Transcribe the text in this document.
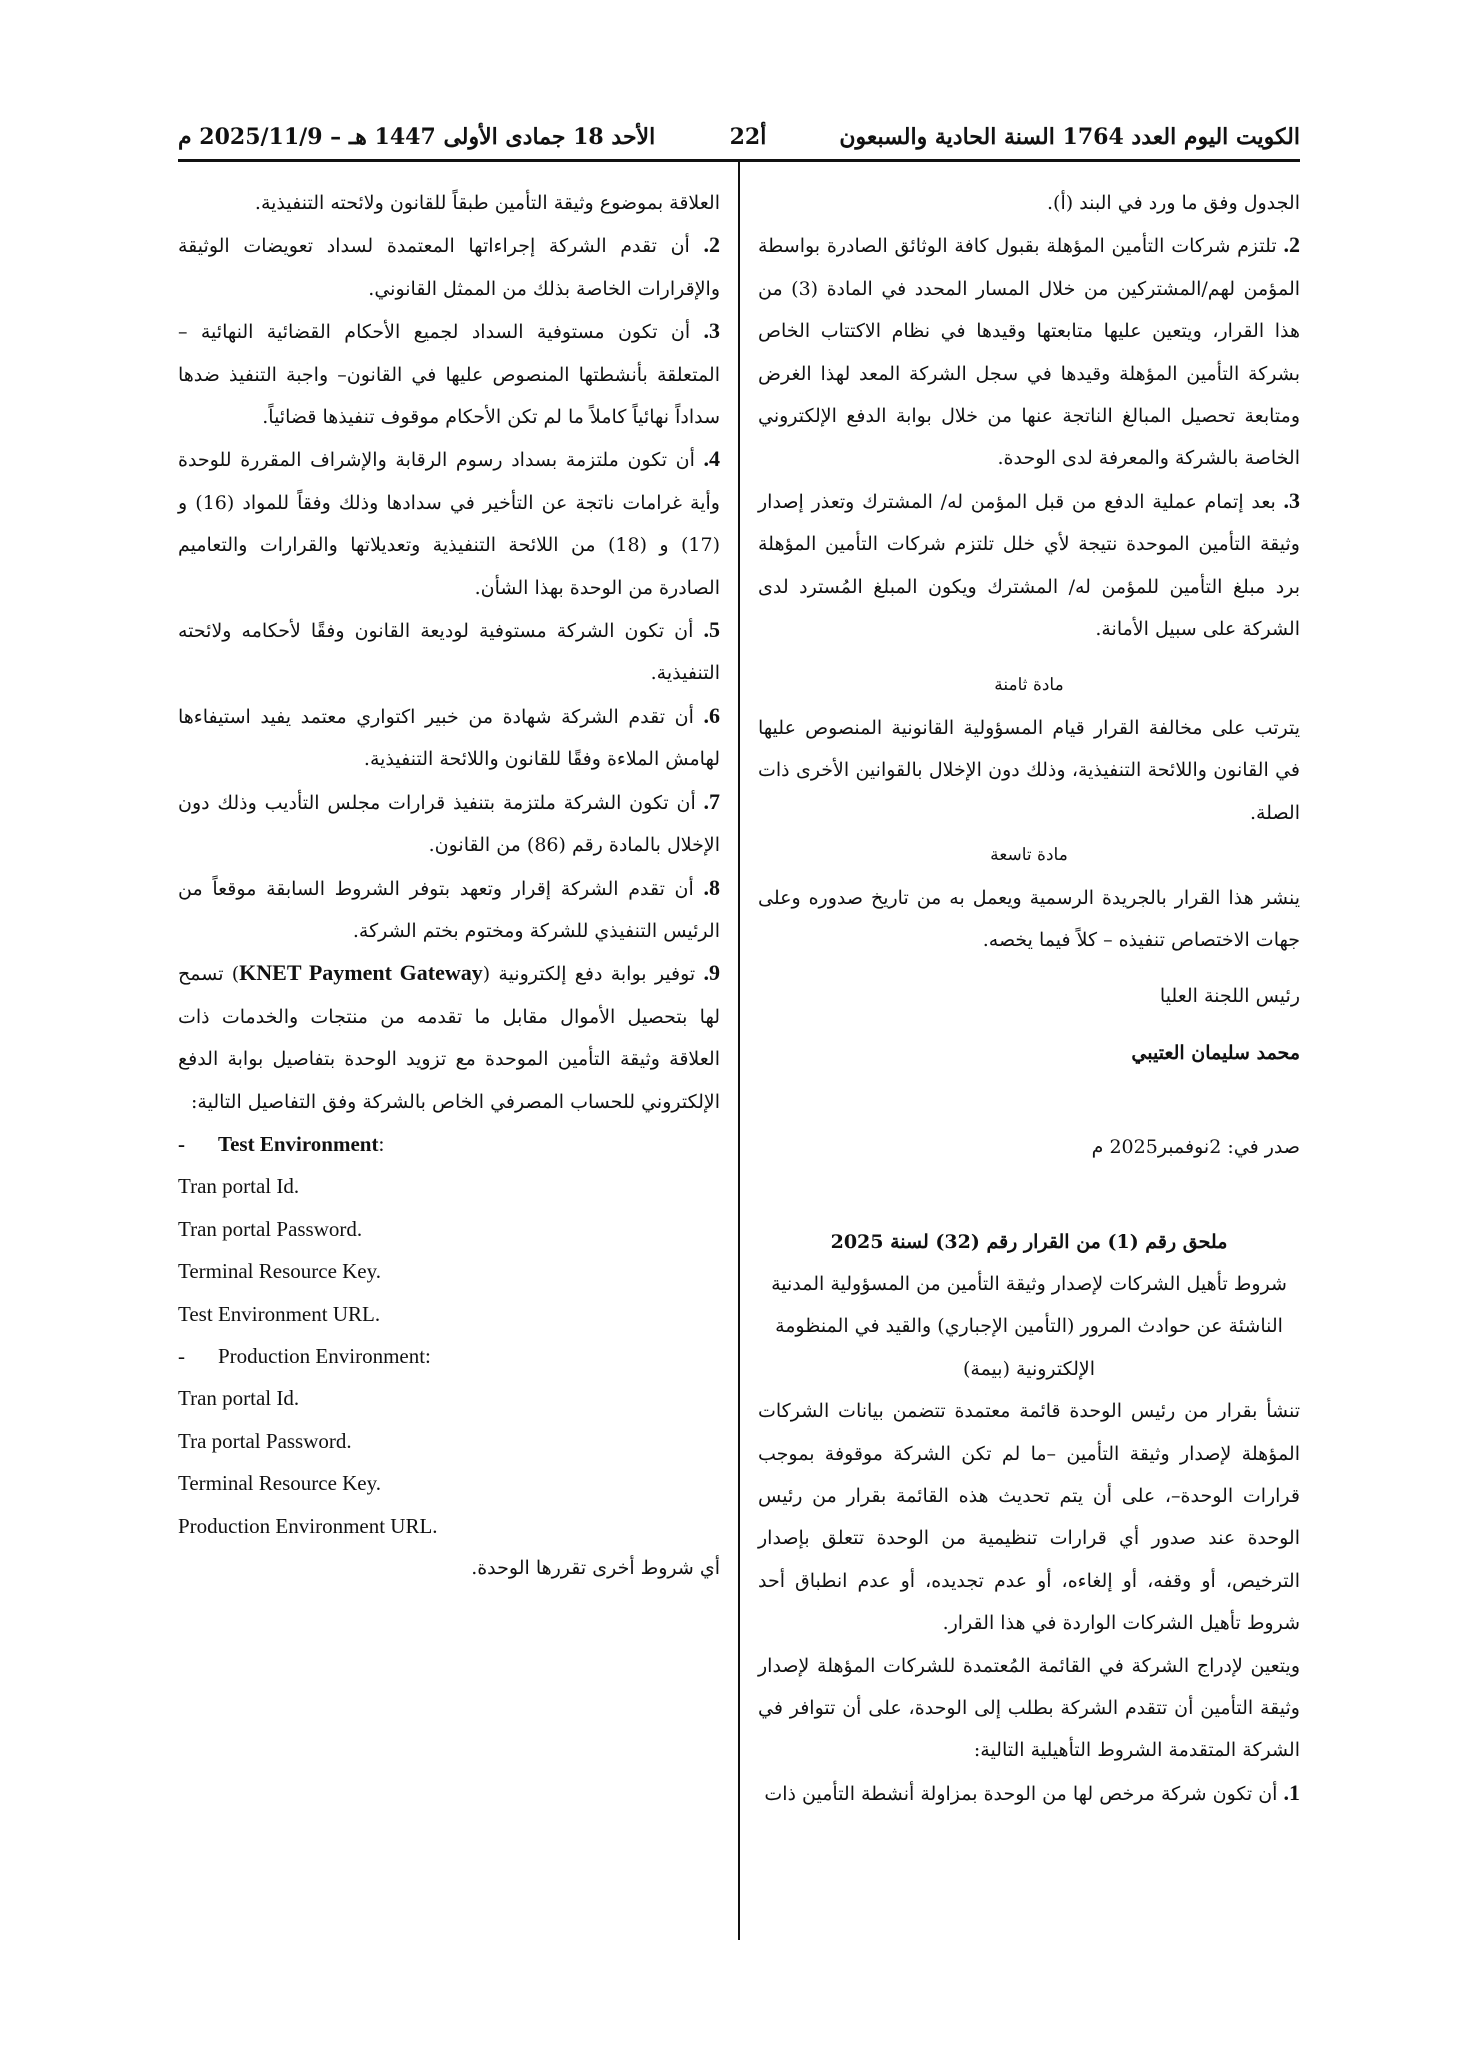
الكويت اليوم العدد 1764 السنة الحادية والسبعون
22أ
الأحد 18 جمادى الأولى 1447 هـ – 2025/11/9 م

الجدول وفق ما ورد في البند (أ).

2. تلتزم شركات التأمين المؤهلة بقبول كافة الوثائق الصادرة بواسطة المؤمن لهم/المشتركين من خلال المسار المحدد في المادة (3) من هذا القرار، ويتعين عليها متابعتها وقيدها في نظام الاكتتاب الخاص بشركة التأمين المؤهلة وقيدها في سجل الشركة المعد لهذا الغرض ومتابعة تحصيل المبالغ الناتجة عنها من خلال بوابة الدفع الإلكتروني الخاصة بالشركة والمعرفة لدى الوحدة.

3. بعد إتمام عملية الدفع من قبل المؤمن له/ المشترك وتعذر إصدار وثيقة التأمين الموحدة نتيجة لأي خلل تلتزم شركات التأمين المؤهلة برد مبلغ التأمين للمؤمن له/ المشترك ويكون المبلغ المُسترد لدى الشركة على سبيل الأمانة.

مادة ثامنة

يترتب على مخالفة القرار قيام المسؤولية القانونية المنصوص عليها في القانون واللائحة التنفيذية، وذلك دون الإخلال بالقوانين الأخرى ذات الصلة.

مادة تاسعة

ينشر هذا القرار بالجريدة الرسمية ويعمل به من تاريخ صدوره وعلى جهات الاختصاص تنفيذه – كلاً فيما يخصه.

رئيس اللجنة العليا

محمد سليمان العتيبي

صدر في: 2نوفمبر2025 م

ملحق رقم (1) من القرار رقم (32) لسنة 2025

شروط تأهيل الشركات لإصدار وثيقة التأمين من المسؤولية المدنية

الناشئة عن حوادث المرور (التأمين الإجباري) والقيد في المنظومة

الإلكترونية (بيمة)

تنشأ بقرار من رئيس الوحدة قائمة معتمدة تتضمن بيانات الشركات المؤهلة لإصدار وثيقة التأمين –ما لم تكن الشركة موقوفة بموجب قرارات الوحدة–، على أن يتم تحديث هذه القائمة بقرار من رئيس الوحدة عند صدور أي قرارات تنظيمية من الوحدة تتعلق بإصدار الترخيص، أو وقفه، أو إلغاءه، أو عدم تجديده، أو عدم انطباق أحد شروط تأهيل الشركات الواردة في هذا القرار.

ويتعين لإدراج الشركة في القائمة المُعتمدة للشركات المؤهلة لإصدار وثيقة التأمين أن تتقدم الشركة بطلب إلى الوحدة، على أن تتوافر في الشركة المتقدمة الشروط التأهيلية التالية:

1. أن تكون شركة مرخص لها من الوحدة بمزاولة أنشطة التأمين ذات

العلاقة بموضوع وثيقة التأمين طبقاً للقانون ولائحته التنفيذية.

2. أن تقدم الشركة إجراءاتها المعتمدة لسداد تعويضات الوثيقة والإقرارات الخاصة بذلك من الممثل القانوني.

3. أن تكون مستوفية السداد لجميع الأحكام القضائية النهائية – المتعلقة بأنشطتها المنصوص عليها في القانون– واجبة التنفيذ ضدها سداداً نهائياً كاملاً ما لم تكن الأحكام موقوف تنفيذها قضائياً.

4. أن تكون ملتزمة بسداد رسوم الرقابة والإشراف المقررة للوحدة وأية غرامات ناتجة عن التأخير في سدادها وذلك وفقاً للمواد (16) و (17) و (18) من اللائحة التنفيذية وتعديلاتها والقرارات والتعاميم الصادرة من الوحدة بهذا الشأن.

5. أن تكون الشركة مستوفية لوديعة القانون وفقًا لأحكامه ولائحته التنفيذية.

6. أن تقدم الشركة شهادة من خبير اكتواري معتمد يفيد استيفاءها لهامش الملاءة وفقًا للقانون واللائحة التنفيذية.

7. أن تكون الشركة ملتزمة بتنفيذ قرارات مجلس التأديب وذلك دون الإخلال بالمادة رقم (86) من القانون.

8. أن تقدم الشركة إقرار وتعهد بتوفر الشروط السابقة موقعاً من الرئيس التنفيذي للشركة ومختوم بختم الشركة.

9. توفير بوابة دفع إلكترونية (KNET Payment Gateway) تسمح لها بتحصيل الأموال مقابل ما تقدمه من منتجات والخدمات ذات العلاقة وثيقة التأمين الموحدة مع تزويد الوحدة بتفاصيل بوابة الدفع الإلكتروني للحساب المصرفي الخاص بالشركة وفق التفاصيل التالية:

- Test Environment:

Tran portal Id.

Tran portal Password.

Terminal Resource Key.

Test Environment URL.

- Production Environment:

Tran portal Id.

Tra portal Password.

Terminal Resource Key.

Production Environment URL.

أي شروط أخرى تقررها الوحدة.
